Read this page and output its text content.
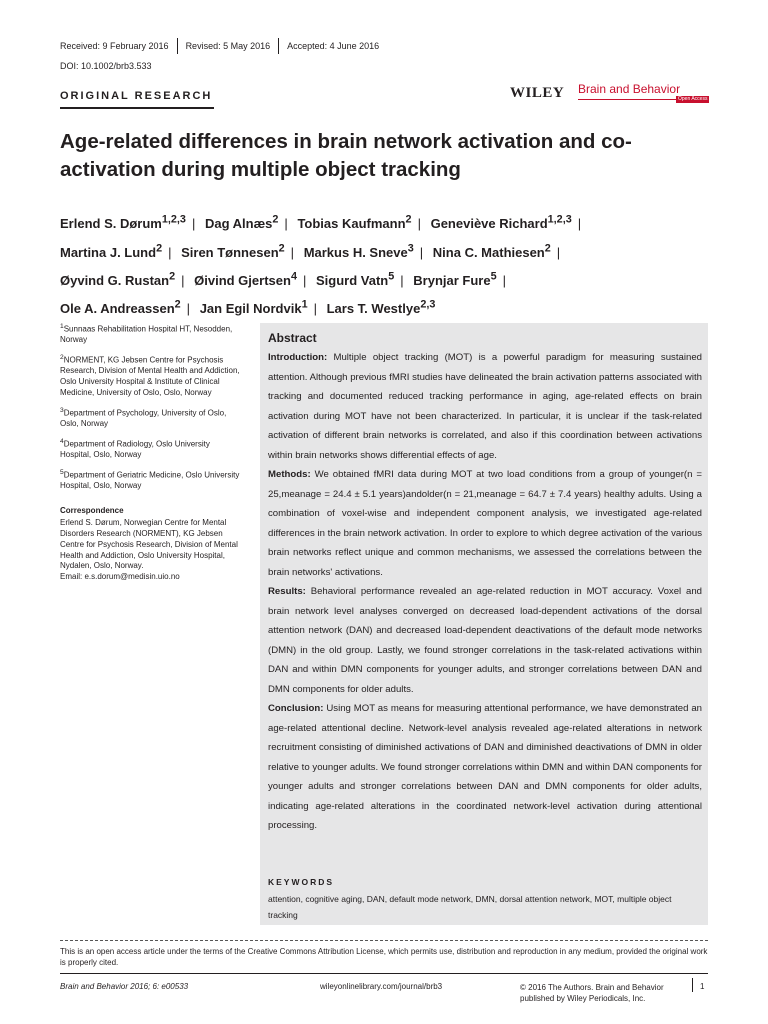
Received: 9 February 2016 Revised: 5 May 2016 Accepted: 4 June 2016
DOI: 10.1002/brb3.533
ORIGINAL RESEARCH	WILEY Brain and Behavior
Open Access
Age-related differences in brain network activation and co-activation during multiple object tracking
Erlend S. Dørum$^{1,2,3}$ | Dag Alnæs$^2$ | Tobias Kaufmann$^2$ | Geneviève Richard$^{1,2,3}$ |
Martina J. Lund$^2$ | Siren Tønnesen$^2$ | Markus H. Sneve$^3$ | Nina C. Mathiesen$^2$ |
Øyvind G. Rustan$^2$ | Øivind Gjertsen$^4$ | Sigurd Vatn$^5$ | Brynjar Fure$^5$ |
Ole A. Andreassen$^2$ | Jan Egil Nordvik$^1$ | Lars T. Westlye$^{2,3}$

$^1$Sunnaas Rehabilitation Hospital HT, Nesodden, Norway

$^2$NORMENT, KG Jebsen Centre for Psychosis Research, Division of Mental Health and Addiction, Oslo University Hospital & Institute of Clinical Medicine, University of Oslo, Oslo, Norway

$^3$Department of Psychology, University of Oslo, Oslo, Norway

$^4$Department of Radiology, Oslo University Hospital, Oslo, Norway

$^5$Department of Geriatric Medicine, Oslo University Hospital, Oslo, Norway

Correspondence

Erlend S. Dørum, Norwegian Centre for Mental Disorders Research (NORMENT), KG Jebsen Centre for Psychosis Research, Division of Mental Health and Addiction, Oslo University Hospital, Nydalen, Oslo, Norway.

Email: e.s.dorum@medisin.uio.no

Abstract

Introduction: Multiple object tracking (MOT) is a powerful paradigm for measuring sustained attention. Although previous fMRI studies have delineated the brain activation patterns associated with tracking and documented reduced tracking performance in aging, age-related effects on brain activation during MOT have not been characterized. In particular, it is unclear if the task-related activation of different brain networks is correlated, and also if this coordination between activations within brain networks shows differential effects of age.

Methods: We obtained fMRI data during MOT at two load conditions from a group of younger(n = 25,meanage = 24.4 ± 5.1 years)andolder(n = 21,meanage = 64.7 ± 7.4 years) healthy adults. Using a combination of voxel-wise and independent component analysis, we investigated age-related differences in the brain network activation. In order to explore to which degree activation of the various brain networks reflect unique and common mechanisms, we assessed the correlations between the brain networks' activations.

Results: Behavioral performance revealed an age-related reduction in MOT accuracy. Voxel and brain network level analyses converged on decreased load-dependent activations of the dorsal attention network (DAN) and decreased load-dependent deactivations of the default mode networks (DMN) in the old group. Lastly, we found stronger correlations in the task-related activations within DAN and within DMN components for younger adults, and stronger correlations between DAN and DMN components for older adults.

Conclusion: Using MOT as means for measuring attentional performance, we have demonstrated an age-related attentional decline. Network-level analysis revealed age-related alterations in network recruitment consisting of diminished activations of DAN and diminished deactivations of DMN in older relative to younger adults. We found stronger correlations within DMN and within DAN components for younger adults and stronger correlations between DAN and DMN components for older adults, indicating age-related alterations in the coordinated network-level activation during attentional processing.

KEYWORDS
attention, cognitive aging, DAN, default mode network, DMN, dorsal attention network, MOT, multiple object tracking
This is an open access article under the terms of the Creative Commons Attribution License, which permits use, distribution and reproduction in any medium, provided the original work is properly cited.
Brain and Behavior 2016; 6: e00533	wileyonlinelibrary.com/journal/brb3	© 2016 The Authors. Brain and Behavior published by Wiley Periodicals, Inc.
1
